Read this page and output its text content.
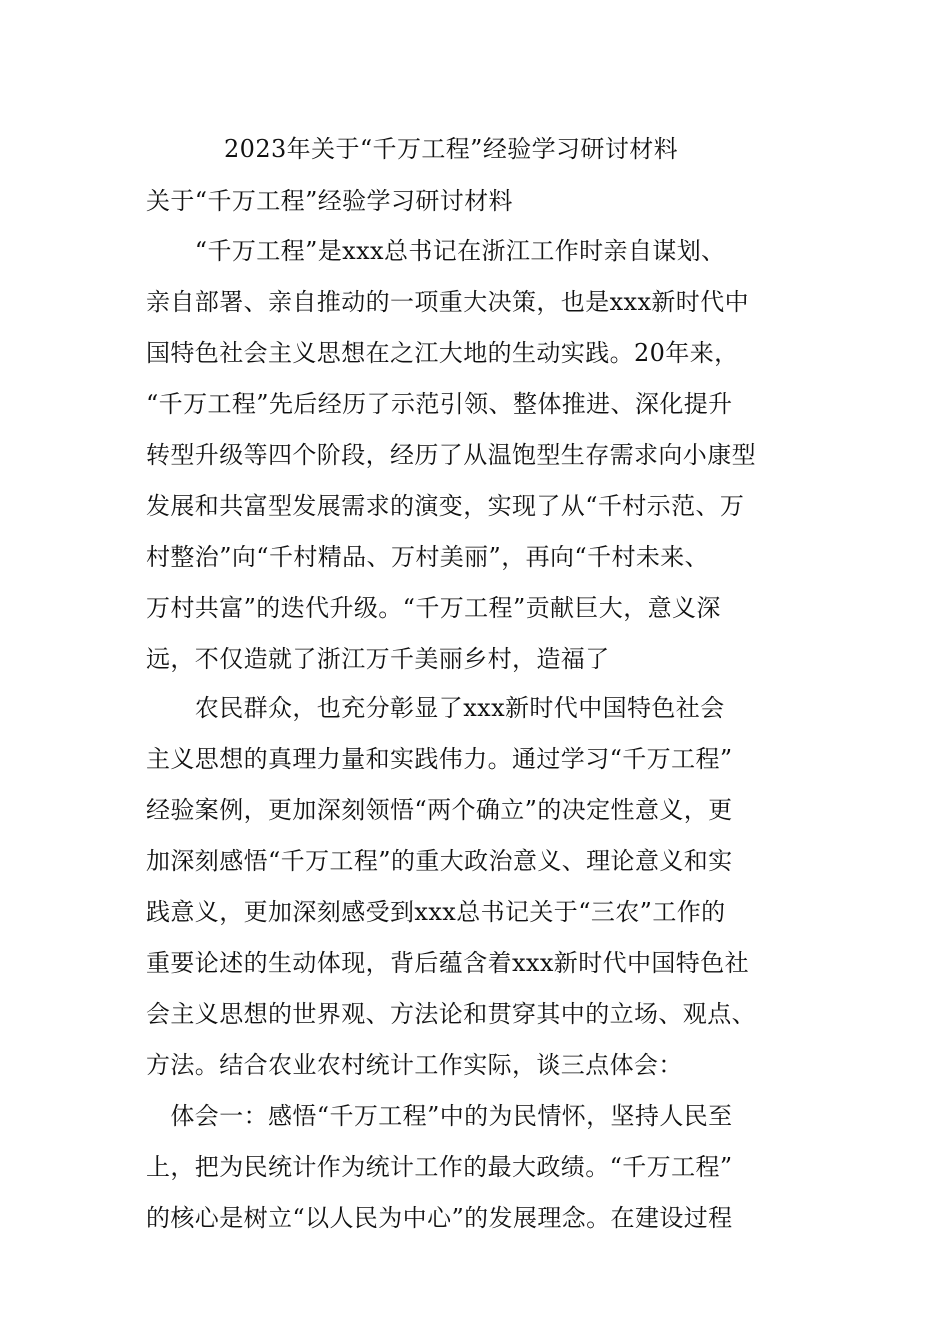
2023年关于“千万工程”经验学习研讨材料
关于“千万工程”经验学习研讨材料
　　“千万工程”是xxx总书记在浙江工作时亲自谋划、
亲自部署、亲自推动的一项重大决策，也是xxx新时代中
国特色社会主义思想在之江大地的生动实践。20年来，
“千万工程”先后经历了示范引领、整体推进、深化提升
转型升级等四个阶段，经历了从温饱型生存需求向小康型
发展和共富型发展需求的演变，实现了从“千村示范、万
村整治”向“千村精品、万村美丽”，再向“千村未来、
万村共富”的迭代升级。“千万工程”贡献巨大，意义深
远，不仅造就了浙江万千美丽乡村，造福了
　　农民群众，也充分彰显了xxx新时代中国特色社会
主义思想的真理力量和实践伟力。通过学习“千万工程”
经验案例，更加深刻领悟“两个确立”的决定性意义，更
加深刻感悟“千万工程”的重大政治意义、理论意义和实
践意义，更加深刻感受到xxx总书记关于“三农”工作的
重要论述的生动体现，背后蕴含着xxx新时代中国特色社
会主义思想的世界观、方法论和贯穿其中的立场、观点、
方法。结合农业农村统计工作实际，谈三点体会：
　体会一：感悟“千万工程”中的为民情怀，坚持人民至
上，把为民统计作为统计工作的最大政绩。“千万工程”
的核心是树立“以人民为中心”的发展理念。在建设过程
